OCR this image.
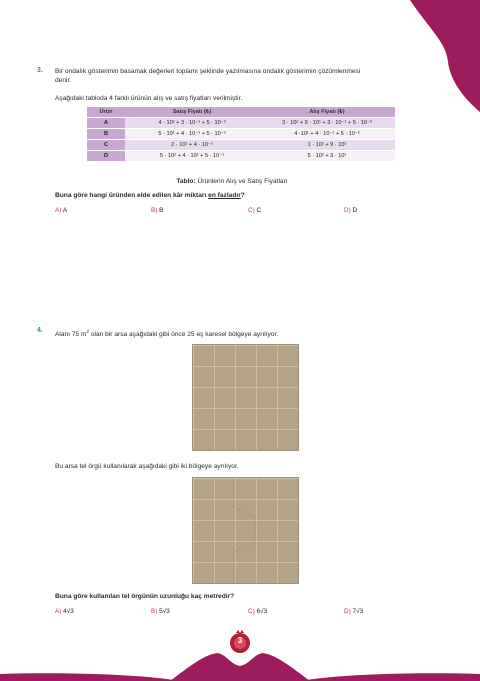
3. Bir ondalık gösterimin basamak değerleri toplamı şeklinde yazılmasına ondalık gösterimin çözümlenmesi
denir.
Aşağıdaki tabloda 4 farklı ürünün alış ve satış fiyatları verilmiştir.
Ürün	Satış Fiyatı (₺)	Alış Fiyatı (₺)
A	4 · 10² + 3 · 10⁻¹ + 5 · 10⁻²	3 · 10² + 9 · 10¹ + 3 · 10⁻¹ + 5 · 10⁻²
B	5 · 10¹ + 4 · 10⁻¹ + 5 · 10⁻²	4 ·10¹ + 4 · 10⁻¹ + 5 · 10⁻²
C	2 · 10² + 4 · 10⁻¹	1 · 10² + 9 · 10¹
D	5 · 10² + 4 · 10¹ + 5 · 10⁻¹	5 · 10² + 3 · 10¹
Tablo: Ürünlerin Alış ve Satış Fiyatları
Buna göre hangi üründen elde edilen kâr miktarı en fazladır?
A) A	B) B	C) C	D) D
4.
Alanı 75 $m^2$ olan bir arsa aşağıdaki gibi önce 25 eş karesel bölgeye ayrılıyor.
Bu arsa tel örgü kullanılarak aşağıdaki gibi iki bölgeye ayrılıyor.
Buna göre kullanılan tel örgünün uzunluğu kaç metredir?
A) 4√3	B) 5√3	C) 6√3	D) 7√3
3
